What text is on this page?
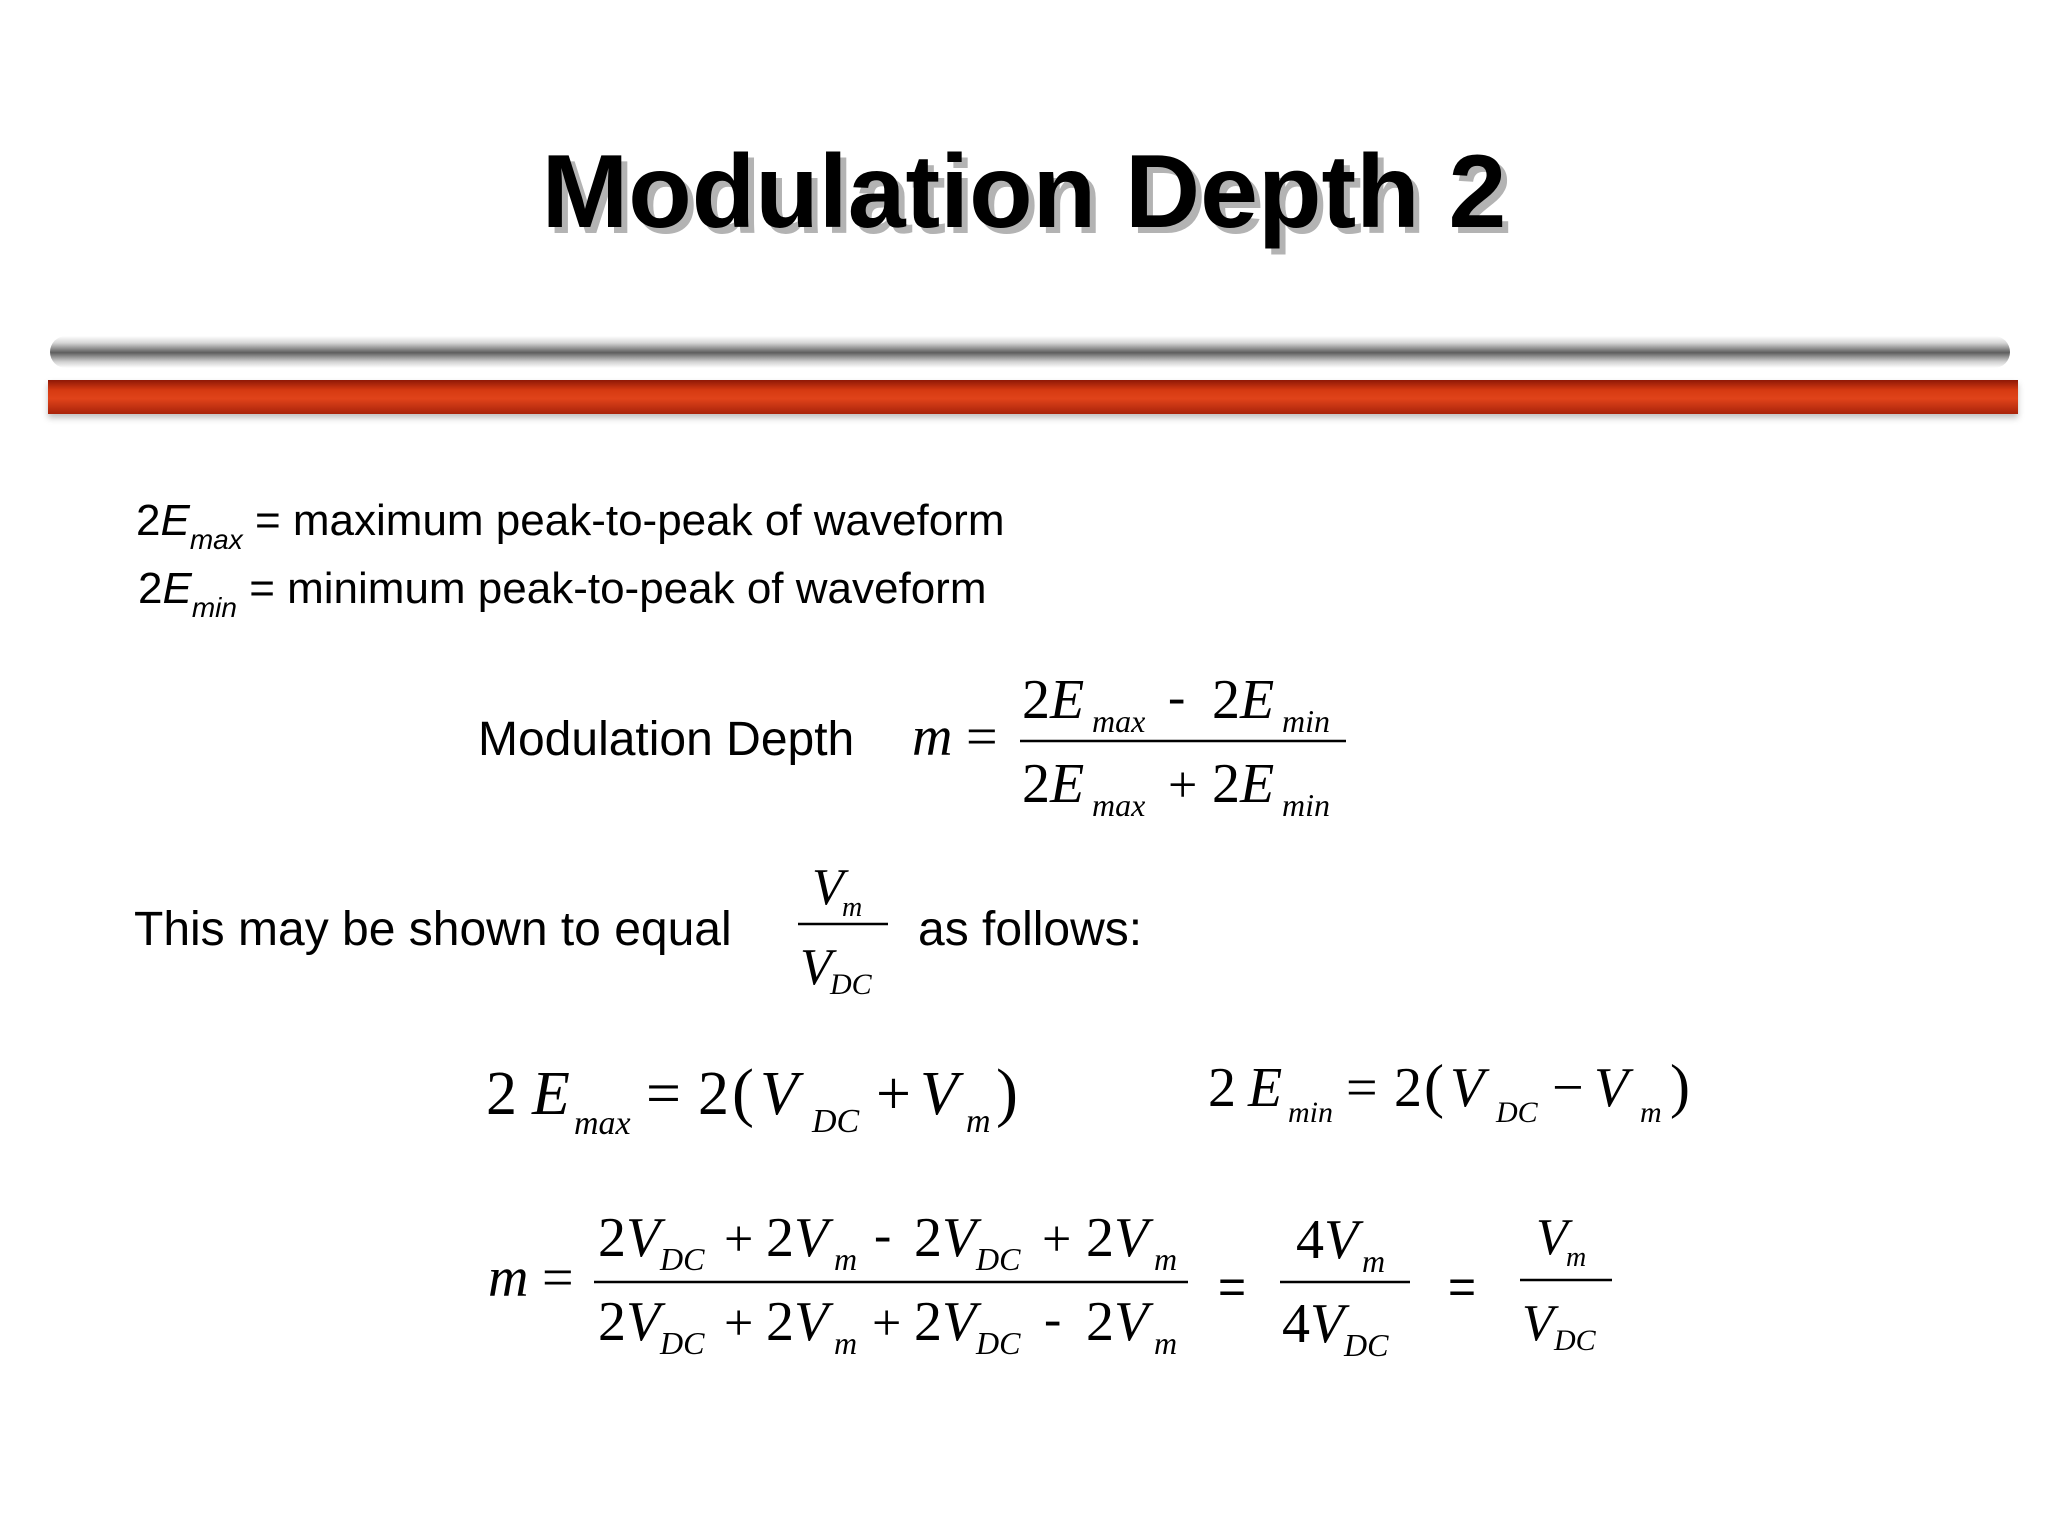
Modulation Depth 2
$2E_{max}$ = maximum peak-to-peak of waveform
$2E_{min}$ = minimum peak-to-peak of waveform
Modulation Depth
This may be shown to equal	as follows:
=	=
m =
2 E max - 2 E min
2 E max + 2 E min
V
m
V
DC
2 E max = 2 ( V DC + V m )	2 E min = 2 ( V DC − V m )
m =
2 V DC + 2 V m - 2 V DC + 2 V m
2 V DC + 2 V m + 2 V DC - 2 V m
4 V m
4 V DC
V
m
V DC
